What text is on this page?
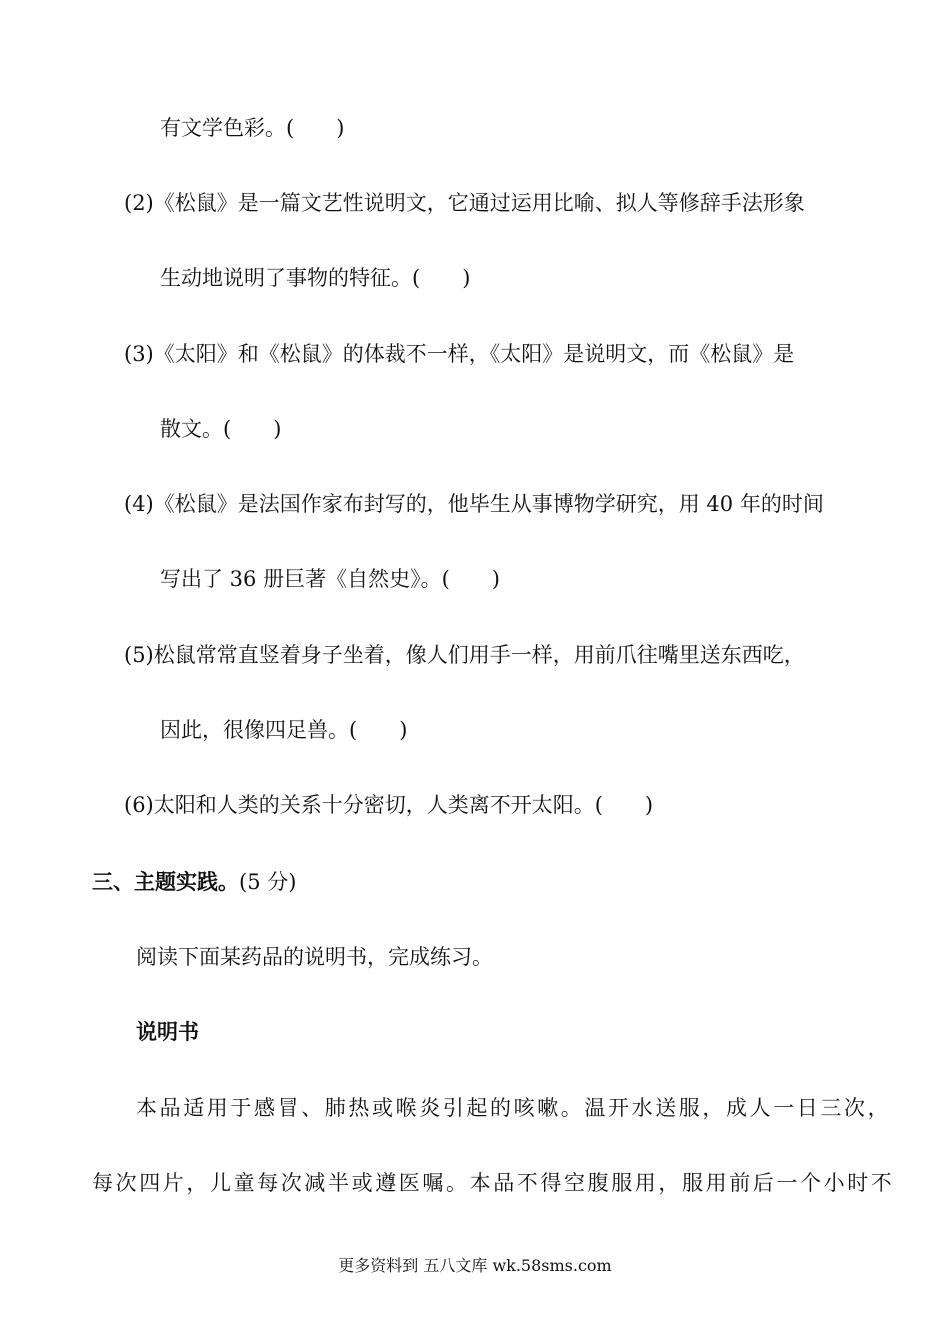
有文学色彩。(　　)
(2)《松鼠》是一篇文艺性说明文，它通过运用比喻、拟人等修辞手法形象
生动地说明了事物的特征。(　　)
(3)《太阳》和《松鼠》的体裁不一样，《太阳》是说明文，而《松鼠》是
散文。(　　)
(4)《松鼠》是法国作家布封写的，他毕生从事博物学研究，用 40 年的时间
写出了 36 册巨著《自然史》。(　　)
(5)松鼠常常直竖着身子坐着，像人们用手一样，用前爪往嘴里送东西吃，
因此，很像四足兽。(　　)
(6)太阳和人类的关系十分密切，人类离不开太阳。(　　)
三、主题实践。(5 分)
阅读下面某药品的说明书，完成练习。
说明书
本品适用于感冒、肺热或喉炎引起的咳嗽。温开水送服，成人一日三次，
每次四片，儿童每次减半或遵医嘱。本品不得空腹服用，服用前后一个小时不
更多资料到 五八文库 wk.58sms.com
